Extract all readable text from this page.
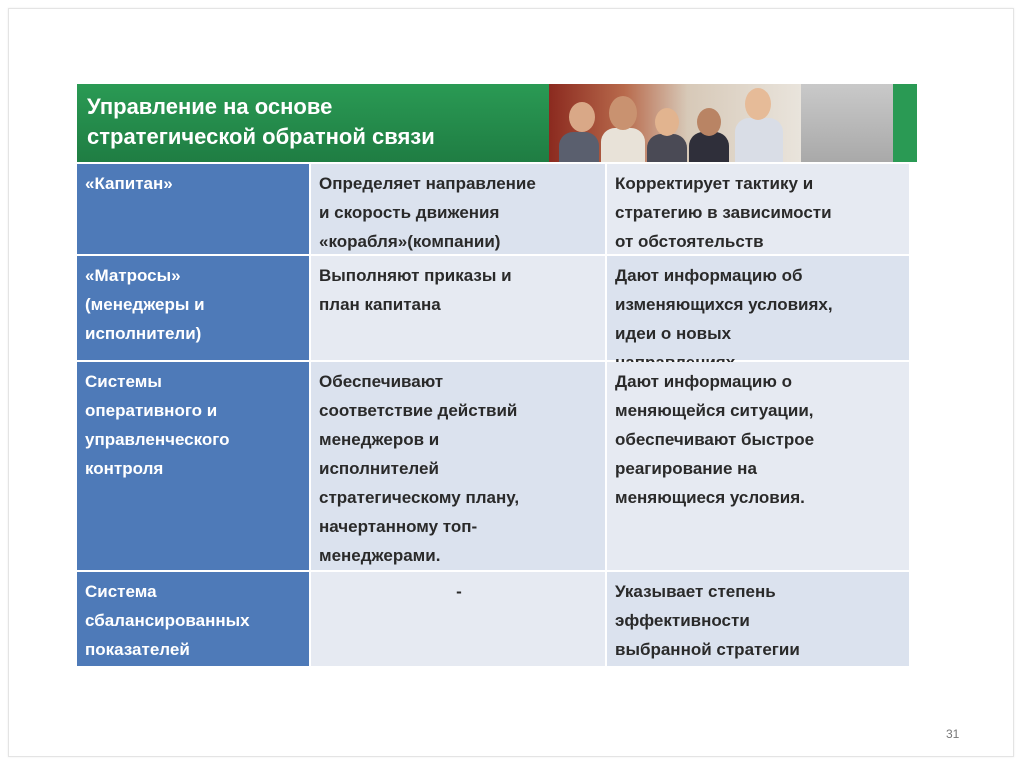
Управление на основе
стратегической обратной связи
«Капитан»	Определяет направление
и скорость движения
«корабля»(компании)
Корректирует тактику и
стратегию в зависимости
от обстоятельств
«Матросы»
(менеджеры и
исполнители)
Выполняют приказы и
план капитана
Дают информацию об
изменяющихся условиях,
идеи о новых

Системы
оперативного и
управленческого
контроля
Обеспечивают
соответствие действий
менеджеров и
исполнителей
стратегическому плану,
начертанному топ-
менеджерами.
Дают информацию о
меняющейся ситуации,
обеспечивают быстрое
реагирование на
меняющиеся условия.
Система
сбалансированных
показателей
-	Указывает степень
эффективности
выбранной стратегии
31
